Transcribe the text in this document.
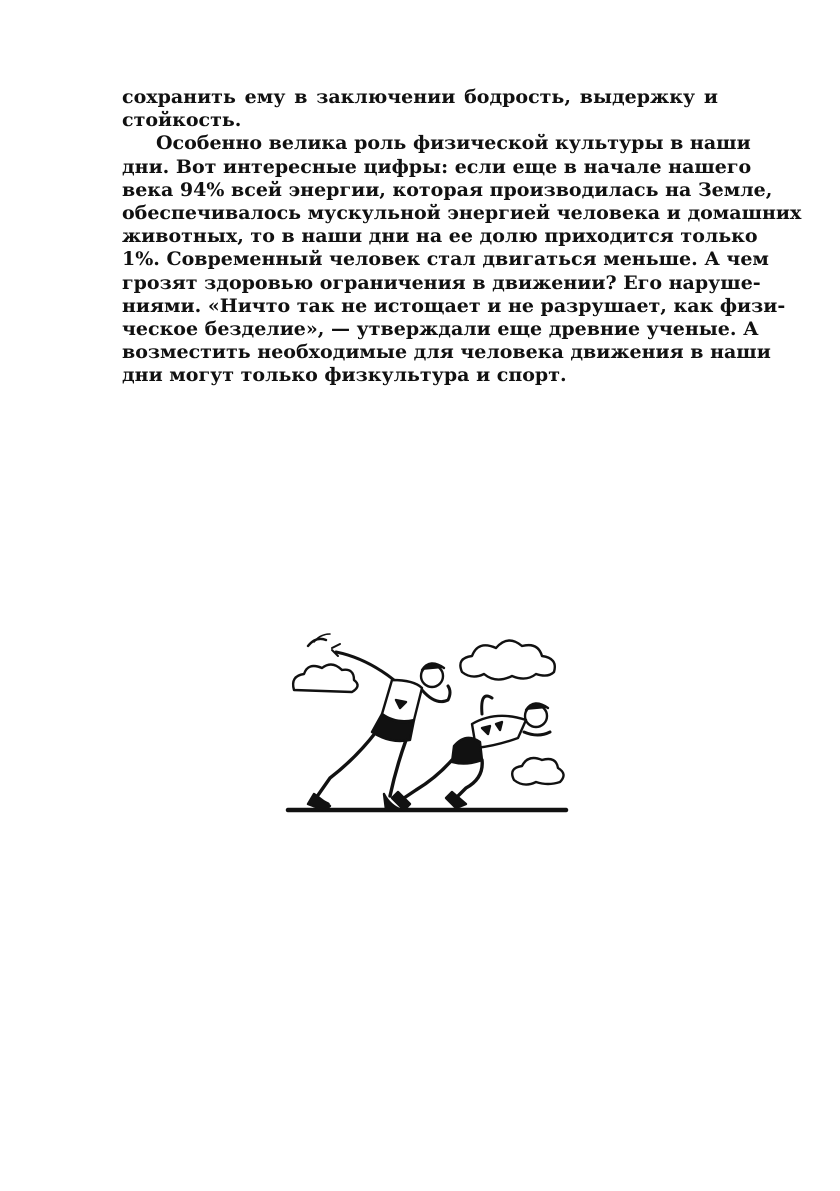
сохранить ему в заключении бодрость, выдержку и
стойкость.
Особенно велика роль физической культуры в наши
дни. Вот интересные цифры: если еще в начале нашего
века 94% всей энергии, которая производилась на Земле,
обеспечивалось мускульной энергией человека и домашних
животных, то в наши дни на ее долю приходится только
1%. Современный человек стал двигаться меньше. А чем
грозят здоровью ограничения в движении? Его наруше-
ниями. «Ничто так не истощает и не разрушает, как физи-
ческое безделие», — утверждали еще древние ученые. А
возместить необходимые для человека движения в наши
дни могут только физкультура и спорт.
